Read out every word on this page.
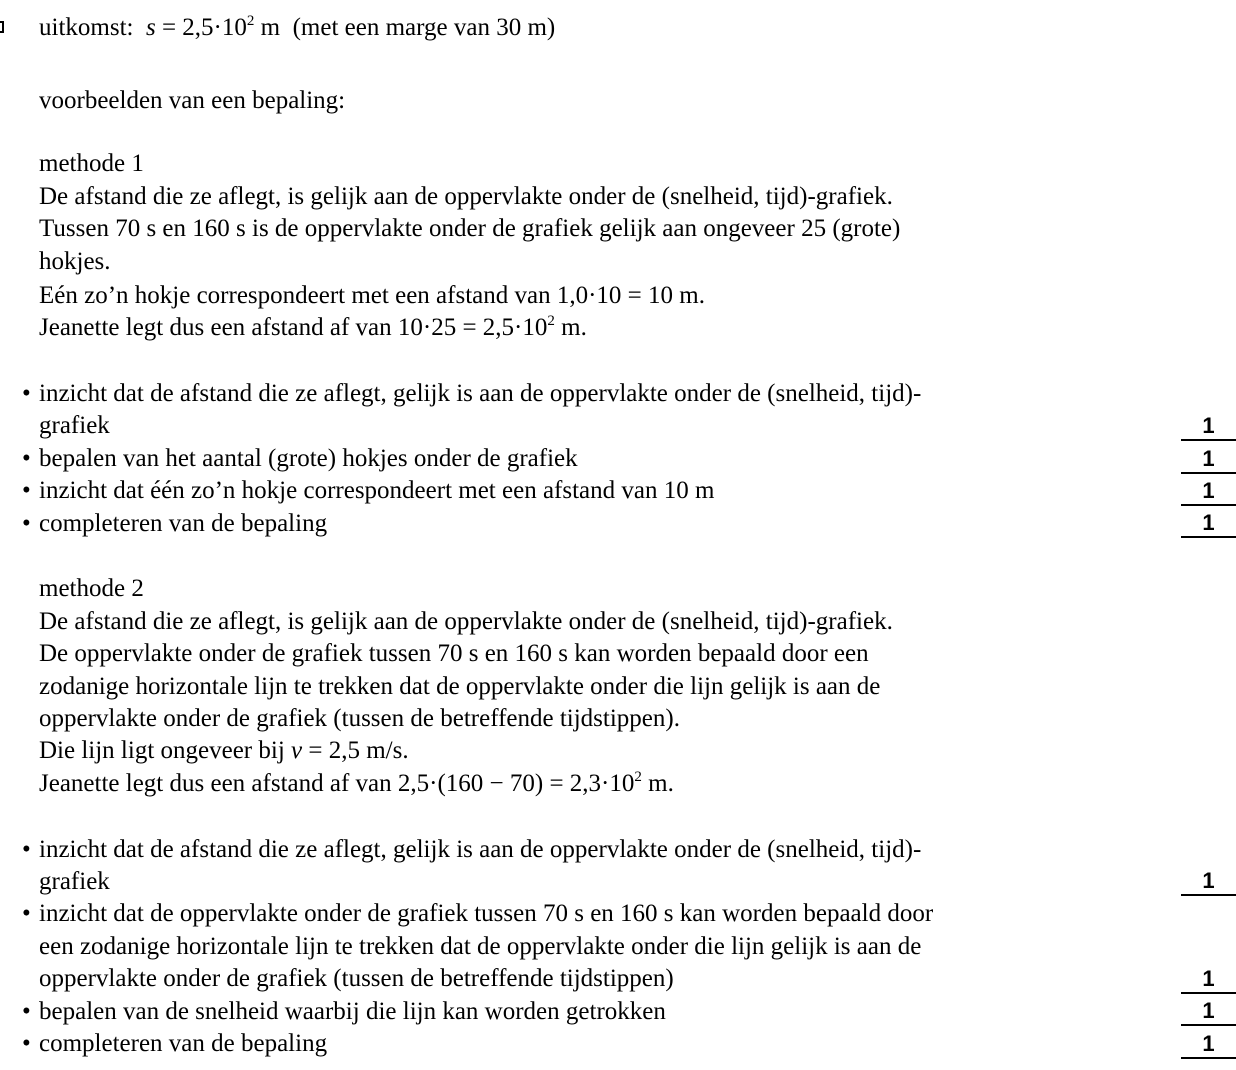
uitkomst: $s = 2,5\cdot 10^2$ m (met een marge van 30 m)
voorbeelden van een bepaling:
methode 1
De afstand die ze aflegt, is gelijk aan de oppervlakte onder de (snelheid, tijd)-grafiek.
Tussen 70 s en 160 s is de oppervlakte onder de grafiek gelijk aan ongeveer 25 (grote)
hokjes.
Eén zo’n hokje correspondeert met een afstand van 1,0·10 = 10 m.
Jeanette legt dus een afstand af van $10\cdot 25 = 2,5\cdot 10^2$ m.
• inzicht dat de afstand die ze aflegt, gelijk is aan de oppervlakte onder de (snelheid, tijd)-
grafiek	1
• bepalen van het aantal (grote) hokjes onder de grafiek	1
• inzicht dat één zo’n hokje correspondeert met een afstand van 10 m	1
• completeren van de bepaling	1
methode 2
De afstand die ze aflegt, is gelijk aan de oppervlakte onder de (snelheid, tijd)-grafiek.
De oppervlakte onder de grafiek tussen 70 s en 160 s kan worden bepaald door een
zodanige horizontale lijn te trekken dat de oppervlakte onder die lijn gelijk is aan de
oppervlakte onder de grafiek (tussen de betreffende tijdstippen).
Die lijn ligt ongeveer bij v = 2,5 m/s.
Jeanette legt dus een afstand af van $2,5\cdot(160 - 70) = 2,3\cdot 10^2$ m.
• inzicht dat de afstand die ze aflegt, gelijk is aan de oppervlakte onder de (snelheid, tijd)-
grafiek	1
• inzicht dat de oppervlakte onder de grafiek tussen 70 s en 160 s kan worden bepaald door
een zodanige horizontale lijn te trekken dat de oppervlakte onder die lijn gelijk is aan de
oppervlakte onder de grafiek (tussen de betreffende tijdstippen)	1
• bepalen van de snelheid waarbij die lijn kan worden getrokken	1
• completeren van de bepaling	1
